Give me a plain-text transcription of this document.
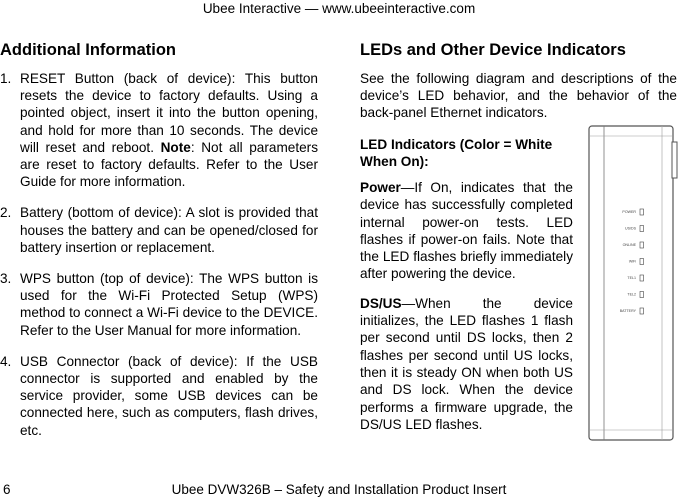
Ubee Interactive — www.ubeeinteractive.com
Additional Information
1. RESET Button (back of device): This button resets the device to factory defaults. Using a pointed object, insert it into the button opening, and hold for more than 10 seconds. The device will reset and reboot. Note: Not all parameters are reset to factory defaults. Refer to the User Guide for more information.
2. Battery (bottom of device): A slot is provided that houses the battery and can be opened/closed for battery insertion or replacement.
3. WPS button (top of device): The WPS button is used for the Wi-Fi Protected Setup (WPS) method to connect a Wi-Fi device to the DEVICE. Refer to the User Manual for more information.
4. USB Connector (back of device): If the USB connector is supported and enabled by the service provider, some USB devices can be connected here, such as computers, flash drives, etc.
LEDs and Other Device Indicators

See the following diagram and descriptions of the device’s LED behavior, and the behavior of the back-panel Ethernet indicators.

LED Indicators (Color = White When On):

Power—If On, indicates that the device has successfully completed internal power-on tests. LED flashes if power-on fails. Note that the LED flashes briefly immediately after powering the device.

DS/US—When the device initializes, the LED flashes 1 flash per second until DS locks, then 2 flashes per second until US locks, then it is steady ON when both US and DS lock. When the device performs a firmware upgrade, the DS/US LED flashes.

POWER
US/DS
ONLINE
WiFi
TEL1
TEL2
BATTERY
6	Ubee DVW326B – Safety and Installation Product Insert
